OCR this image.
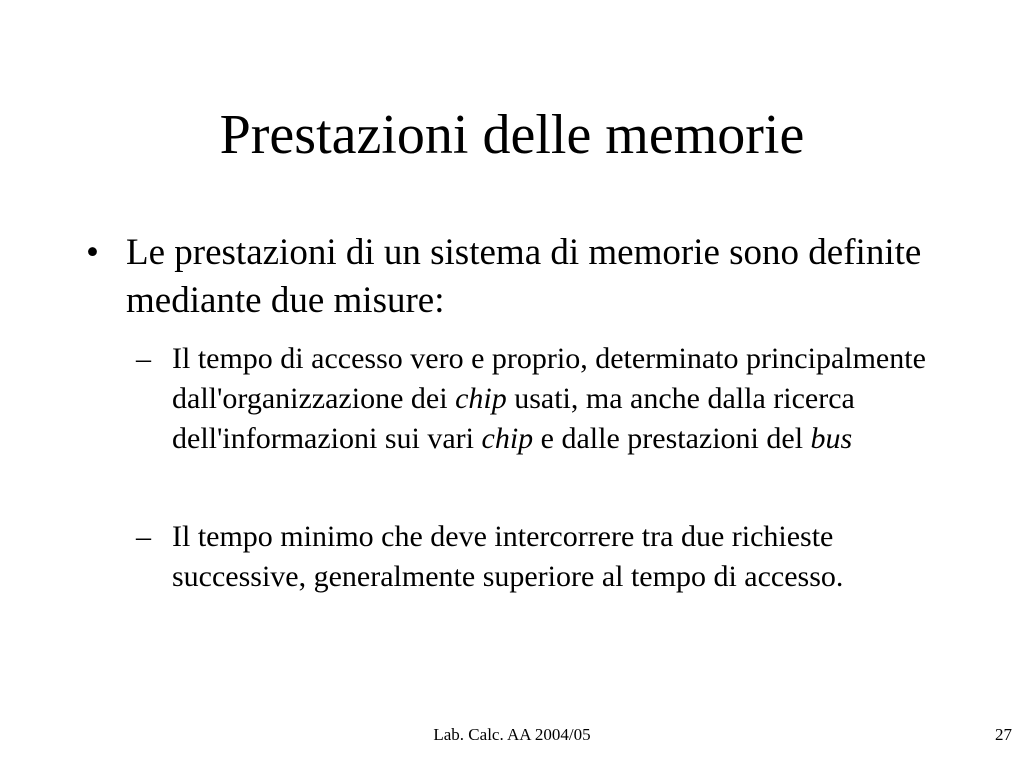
Prestazioni delle memorie
• Le prestazioni di un sistema di memorie sono definite mediante due misure:
– Il tempo di accesso vero e proprio, determinato principalmente dall'organizzazione dei chip usati, ma anche dalla ricerca dell'informazioni sui vari chip e dalle prestazioni del bus
– Il tempo minimo che deve intercorrere tra due richieste successive, generalmente superiore al tempo di accesso.
Lab. Calc. AA 2004/05	27
